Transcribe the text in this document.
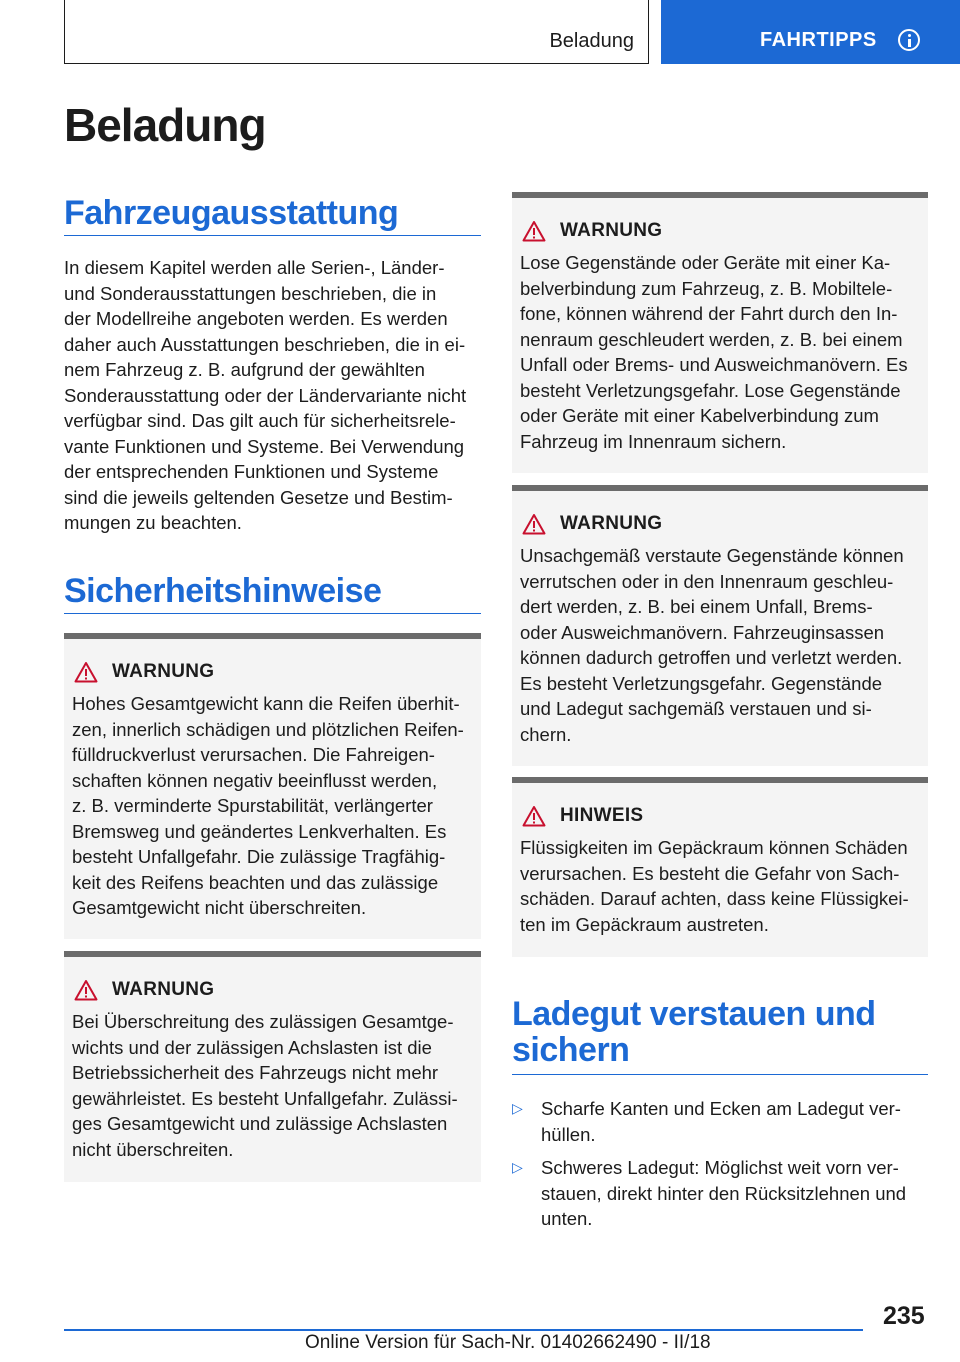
Beladung	FAHRTIPPS
Beladung
Fahrzeugausstattung

In diesem Kapitel werden alle Serien-, Länder-
und Sonderausstattungen beschrieben, die in
der Modellreihe angeboten werden. Es werden
daher auch Ausstattungen beschrieben, die in ei-
nem Fahrzeug z. B. aufgrund der gewählten
Sonderausstattung oder der Ländervariante nicht
verfügbar sind. Das gilt auch für sicherheitsrele-
vante Funktionen und Systeme. Bei Verwendung
der entsprechenden Funktionen und Systeme
sind die jeweils geltenden Gesetze und Bestim-
mungen zu beachten.

Sicherheitshinweise
WARNUNG

Hohes Gesamtgewicht kann die Reifen überhit-
zen, innerlich schädigen und plötzlichen Reifen-
fülldruckverlust verursachen. Die Fahreigen-
schaften können negativ beeinflusst werden,
z. B. verminderte Spurstabilität, verlängerter
Bremsweg und geändertes Lenkverhalten. Es
besteht Unfallgefahr. Die zulässige Tragfähig-
keit des Reifens beachten und das zulässige
Gesamtgewicht nicht überschreiten.

WARNUNG

Bei Überschreitung des zulässigen Gesamtge-
wichts und der zulässigen Achslasten ist die
Betriebssicherheit des Fahrzeugs nicht mehr
gewährleistet. Es besteht Unfallgefahr. Zulässi-
ges Gesamtgewicht und zulässige Achslasten
nicht überschreiten.

WARNUNG

Lose Gegenstände oder Geräte mit einer Ka-
belverbindung zum Fahrzeug, z. B. Mobiltele-
fone, können während der Fahrt durch den In-
nenraum geschleudert werden, z. B. bei einem
Unfall oder Brems- und Ausweichmanövern. Es
besteht Verletzungsgefahr. Lose Gegenstände
oder Geräte mit einer Kabelverbindung zum
Fahrzeug im Innenraum sichern.

WARNUNG

Unsachgemäß verstaute Gegenstände können
verrutschen oder in den Innenraum geschleu-
dert werden, z. B. bei einem Unfall, Brems-
oder Ausweichmanövern. Fahrzeuginsassen
können dadurch getroffen und verletzt werden.
Es besteht Verletzungsgefahr. Gegenstände
und Ladegut sachgemäß verstauen und si-
chern.

HINWEIS

Flüssigkeiten im Gepäckraum können Schäden
verursachen. Es besteht die Gefahr von Sach-
schäden. Darauf achten, dass keine Flüssigkei-
ten im Gepäckraum austreten.

Ladegut verstauen und
sichern
▷ Scharfe Kanten und Ecken am Ladegut ver-
hüllen.
▷ Schweres Ladegut: Möglichst weit vorn ver-
stauen, direkt hinter den Rücksitzlehnen und
unten.
235
Online Version für Sach-Nr. 01402662490 - II/18
